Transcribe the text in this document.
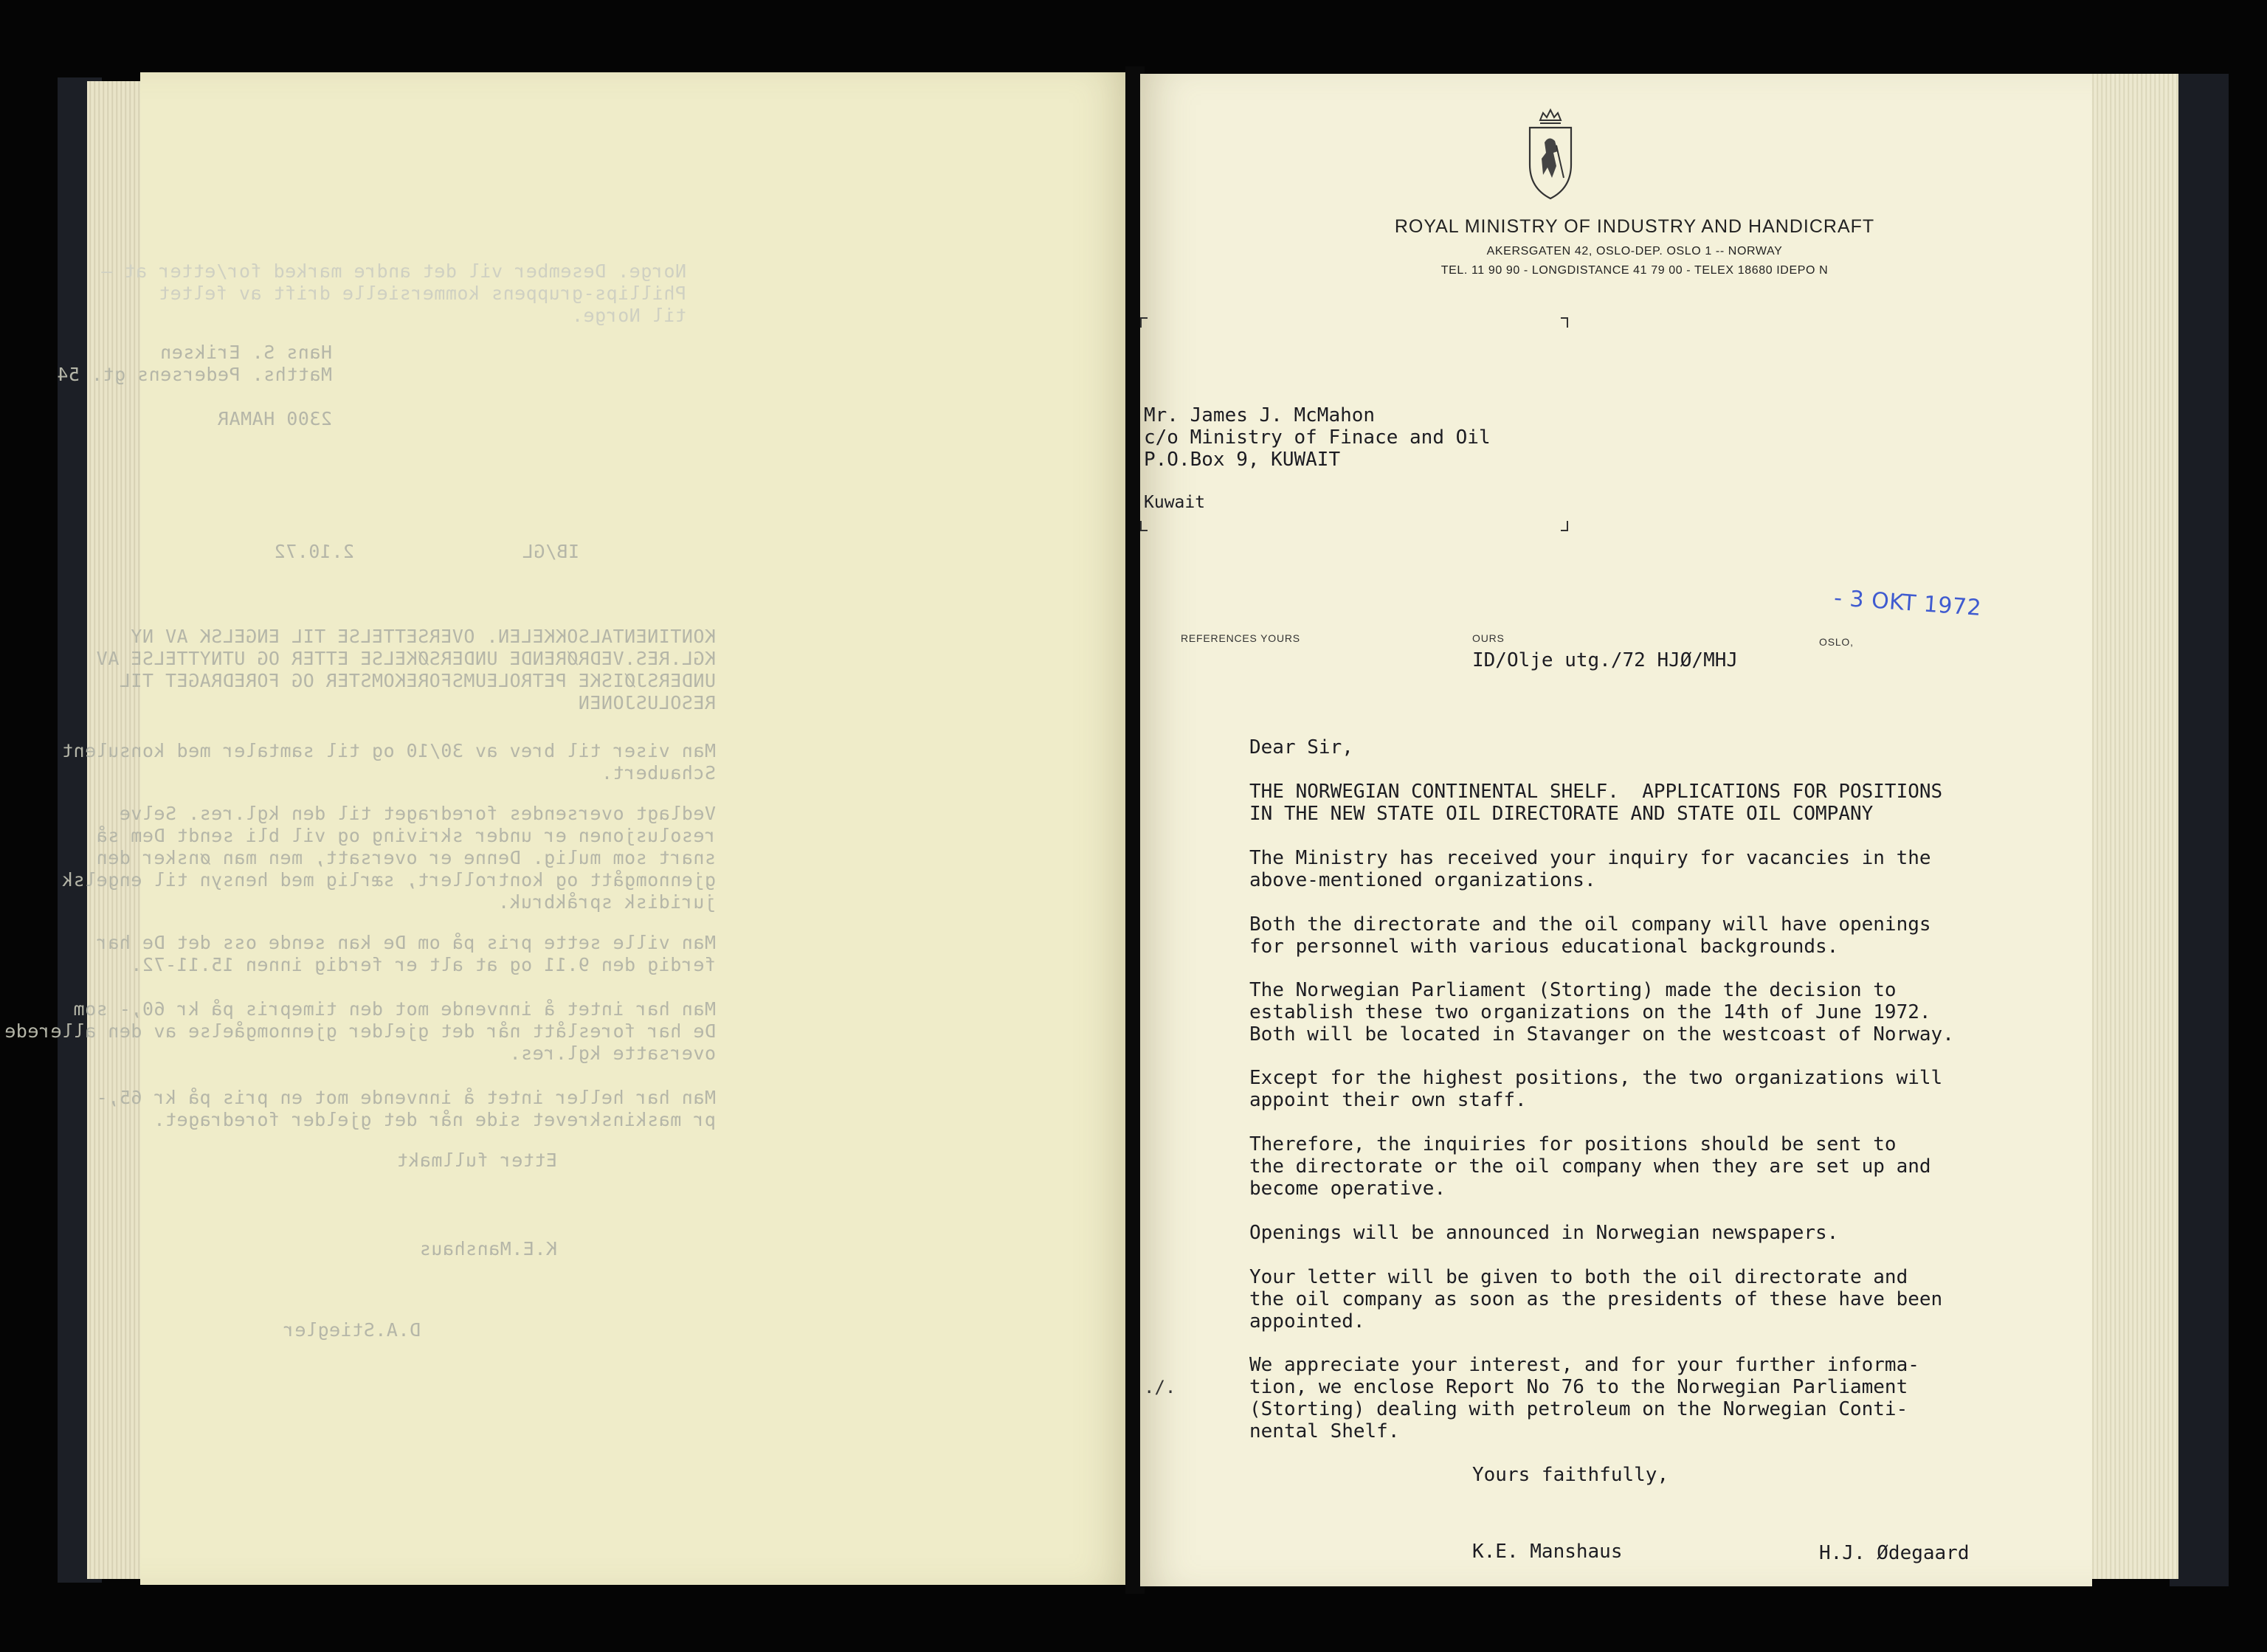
Norge. Desember vil det andre marked for/etter at —
Phillips-gruppens kommersielle drift av feltet
til Norge.
Hans S. Eriksen
Matths. Pedersens gt. 54

2300 HAMAR
2.10.72	IB/GL
KONTINENTALSOKKELEN. OVERSETTELSE TIL ENGELSK AV NY
KGL.RES.VEDRØRENDE UNDERSØKELSE ETTER OG UTNYTTELSE AV
UNDERSJØISKE PETROLEUMSFOREKOMSTER OG FOREDRAGET TIL
RESOLUSJONEN
Man viser til brev av 30/10 og til samtaler med konsulent
Schaubert.
Vedlagt oversendes foredraget til den kgl.res. Selve
resolusjonen er under skriving og vil bli sendt Dem så
snart som mulig. Denne er oversatt, men man ønsker den
gjennomgått og kontrollert, særlig med hensyn til engelsk
juridisk språkbruk.
Man ville sette pris på om De kan sende oss det De har
ferdig den 9.11 og at alt er ferdig innen 15.11-72.
Man har intet å innvende mot den timepris på kr 60,- som
De har foreslått når det gjelder gjennomgåelse av den allerede
oversatte kgl.res.
Man har heller intet å innvende mot en pris på kr 65,-
pr maskinskrevet side når det gjelder foredraget.
Etter fullmakt
K.E.Manshaus
D.A.Stiegler
ROYAL MINISTRY OF INDUSTRY AND HANDICRAFT
AKERSGATEN 42, OSLO-DEP. OSLO 1 -- NORWAY
TEL. 11 90 90 - LONGDISTANCE 41 79 00 - TELEX 18680 IDEPO N
Mr. James J. McMahon
c/o Ministry of Finace and Oil
P.O.Box 9, KUWAIT
Kuwait
REFERENCES YOURS	OURS	OSLO,
ID/Olje utg./72 HJØ/MHJ
- 3 OKT 1972
Dear Sir,
THE NORWEGIAN CONTINENTAL SHELF.  APPLICATIONS FOR POSITIONS
IN THE NEW STATE OIL DIRECTORATE AND STATE OIL COMPANY
The Ministry has received your inquiry for vacancies in the
above-mentioned organizations.
Both the directorate and the oil company will have openings
for personnel with various educational backgrounds.
The Norwegian Parliament (Storting) made the decision to
establish these two organizations on the 14th of June 1972.
Both will be located in Stavanger on the westcoast of Norway.
Except for the highest positions, the two organizations will
appoint their own staff.
Therefore, the inquiries for positions should be sent to
the directorate or the oil company when they are set up and
become operative.
Openings will be announced in Norwegian newspapers.
Your letter will be given to both the oil directorate and
the oil company as soon as the presidents of these have been
appointed.
We appreciate your interest, and for your further informa-
tion, we enclose Report No 76 to the Norwegian Parliament
(Storting) dealing with petroleum on the Norwegian Conti-
nental Shelf.
./.
Yours faithfully,
K.E. Manshaus	H.J. Ødegaard
